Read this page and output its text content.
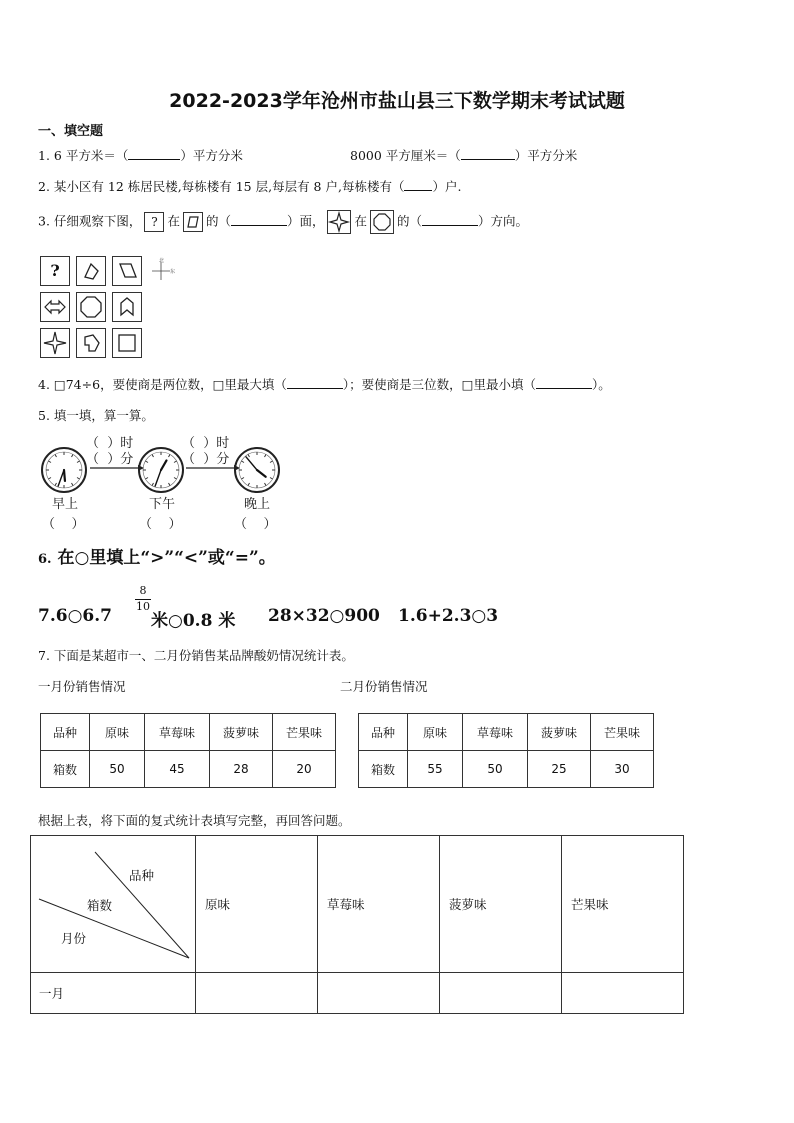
2022-2023学年沧州市盐山县三下数学期末考试试题
一、填空题
1. 6 平方米＝（	）平方分米	8000 平方厘米＝（	）平方分米
2. 某小区有 12 栋居民楼,每栋楼有 15 层,每层有 8 户,每栋楼有（ ）户.
3. 仔细观察下图， ? 在 的（	）面， 在 的（	）方向。
?	北
东
4. □74÷6，要使商是两位数，□里最大填（	）；要使商是三位数，□里最小填（	）。
5. 填一填，算一算。
（ ）时
（ ）分
（ ）时
（ ）分
早上	下午	晚上
（ ）	（ ）	（ ）
6. 在○里填上“>”“<”或“=”。
7.6○6.7
$\frac{8}{10}$
米○0.8 米 28×32○900 1.6+2.3○3
7. 下面是某超市一、二月份销售某品牌酸奶情况统计表。
一月份销售情况	二月份销售情况
品种	原味	草莓味	菠萝味	芒果味
箱数	50	45	28	20
品种	原味	草莓味	菠萝味	芒果味
箱数	55	50	25	30
根据上表，将下面的复式统计表填写完整，再回答问题。
品种
箱数
月份	原味	草莓味	菠萝味	芒果味
一月				
